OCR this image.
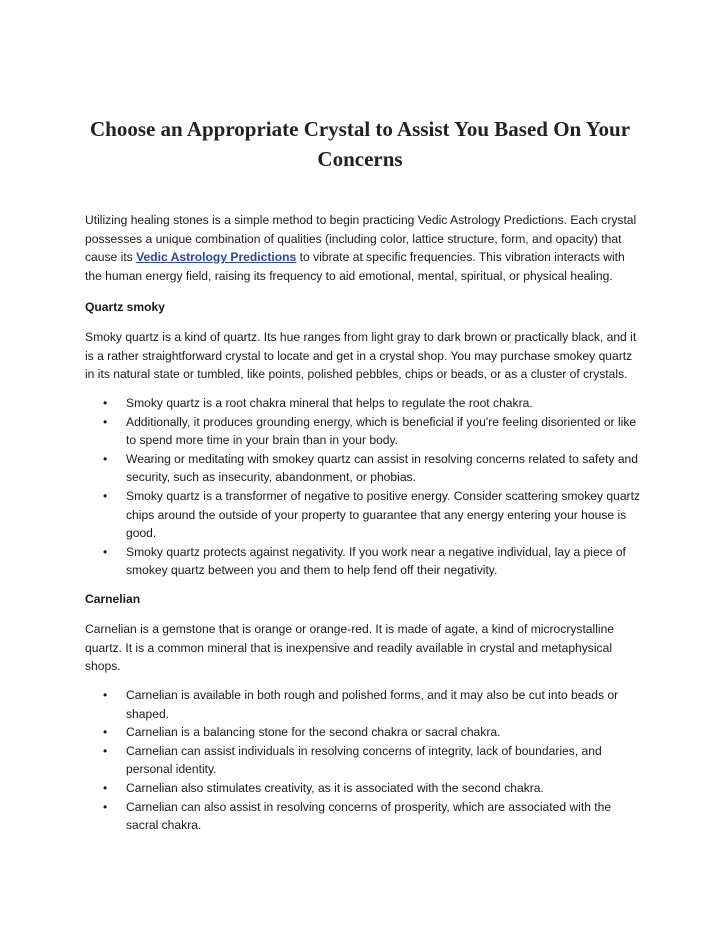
Choose an Appropriate Crystal to Assist You Based On Your Concerns

Utilizing healing stones is a simple method to begin practicing Vedic Astrology Predictions. Each crystal possesses a unique combination of qualities (including color, lattice structure, form, and opacity) that cause its Vedic Astrology Predictions to vibrate at specific frequencies. This vibration interacts with the human energy field, raising its frequency to aid emotional, mental, spiritual, or physical healing.

Quartz smoky

Smoky quartz is a kind of quartz. Its hue ranges from light gray to dark brown or practically black, and it is a rather straightforward crystal to locate and get in a crystal shop. You may purchase smokey quartz in its natural state or tumbled, like points, polished pebbles, chips or beads, or as a cluster of crystals.

• Smoky quartz is a root chakra mineral that helps to regulate the root chakra.
• Additionally, it produces grounding energy, which is beneficial if you're feeling disoriented or like to spend more time in your brain than in your body.
• Wearing or meditating with smokey quartz can assist in resolving concerns related to safety and security, such as insecurity, abandonment, or phobias.
• Smoky quartz is a transformer of negative to positive energy. Consider scattering smokey quartz chips around the outside of your property to guarantee that any energy entering your house is good.
• Smoky quartz protects against negativity. If you work near a negative individual, lay a piece of smokey quartz between you and them to help fend off their negativity.

Carnelian

Carnelian is a gemstone that is orange or orange-red. It is made of agate, a kind of microcrystalline quartz. It is a common mineral that is inexpensive and readily available in crystal and metaphysical shops.

• Carnelian is available in both rough and polished forms, and it may also be cut into beads or shaped.
• Carnelian is a balancing stone for the second chakra or sacral chakra.
• Carnelian can assist individuals in resolving concerns of integrity, lack of boundaries, and personal identity.
• Carnelian also stimulates creativity, as it is associated with the second chakra.
• Carnelian can also assist in resolving concerns of prosperity, which are associated with the sacral chakra.
